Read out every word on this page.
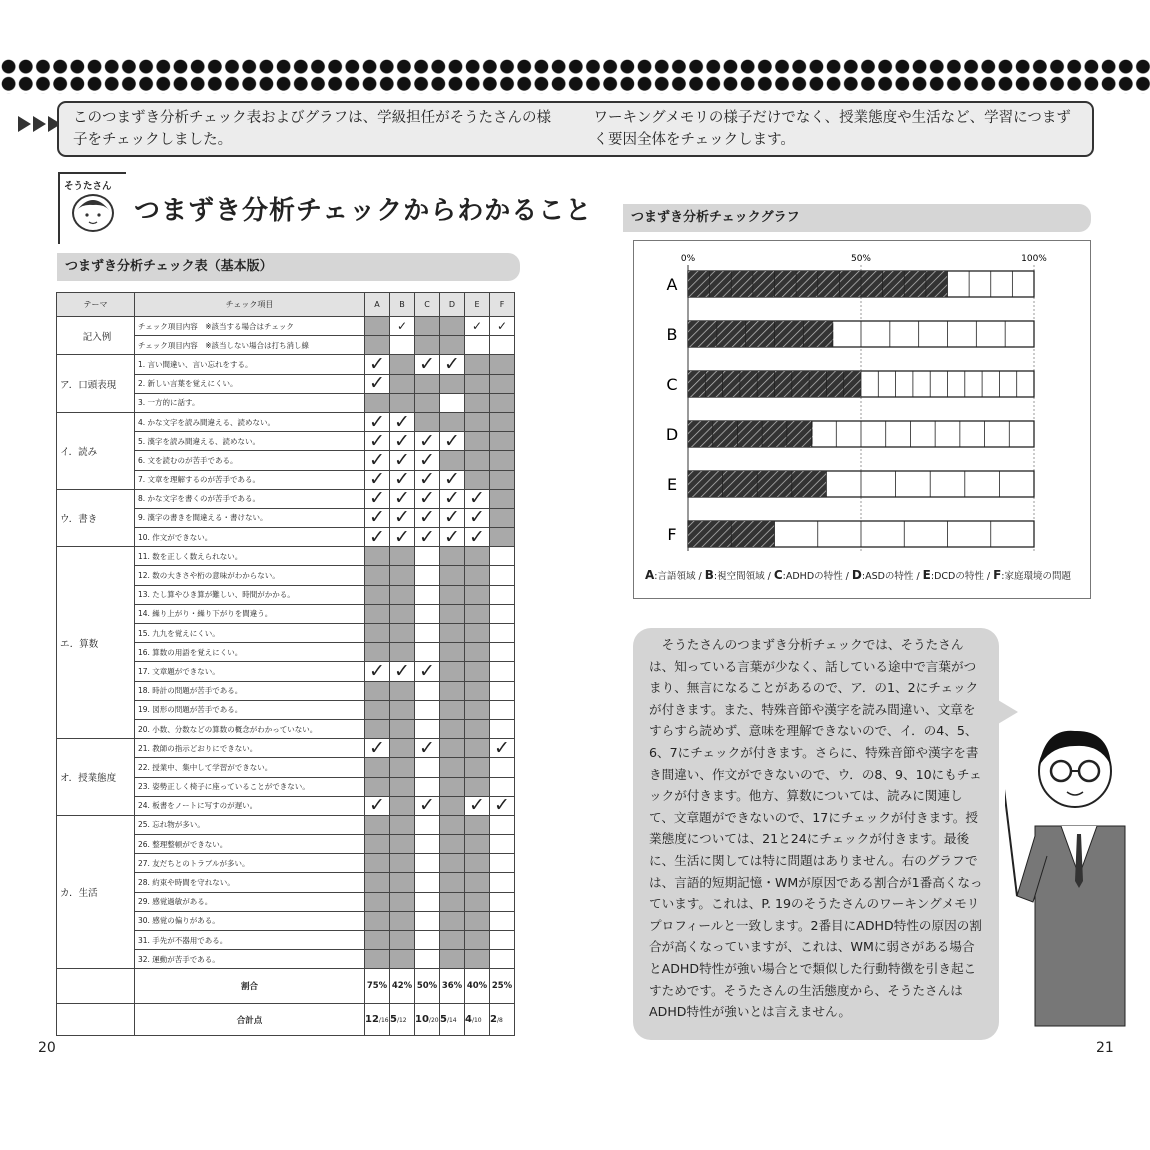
このつまずき分析チェック表およびグラフは、学級担任がそうたさんの様子をチェックしました。
ワーキングメモリの様子だけでなく、授業態度や生活など、学習につまずく要因全体をチェックします。
そうたさん
つまずき分析チェックからわかること
つまずき分析チェック表（基本版）
つまずき分析チェックグラフ
テーマ	チェック項目	A	B	C	D	E	F
記入例	チェック項目内容　※該当する場合はチェック		✓			✓	✓
	チェック項目内容　※該当しない場合は打ち消し線						
ア．口頭表現	1. 言い間違い、言い忘れをする。	✓		✓	✓		
	2. 新しい言葉を覚えにくい。	✓					
	3. 一方的に話す。						
イ．読み	4. かな文字を読み間違える、読めない。	✓	✓				
	5. 漢字を読み間違える、読めない。	✓	✓	✓	✓		
	6. 文を読むのが苦手である。	✓	✓	✓			
	7. 文章を理解するのが苦手である。	✓	✓	✓	✓		
ウ．書き	8. かな文字を書くのが苦手である。	✓	✓	✓	✓	✓	
	9. 漢字の書きを間違える・書けない。	✓	✓	✓	✓	✓	
	10. 作文ができない。	✓	✓	✓	✓	✓	
エ．算数	11. 数を正しく数えられない。						
	12. 数の大きさや桁の意味がわからない。						
	13. たし算やひき算が難しい、時間がかかる。						
	14. 繰り上がり・繰り下がりを間違う。						
	15. 九九を覚えにくい。						
	16. 算数の用語を覚えにくい。						
	17. 文章題ができない。	✓	✓	✓			
	18. 時計の問題が苦手である。						
	19. 図形の問題が苦手である。						
	20. 小数、分数などの算数の概念がわかっていない。						
オ．授業態度	21. 教師の指示どおりにできない。	✓		✓			✓
	22. 授業中、集中して学習ができない。						
	23. 姿勢正しく椅子に座っていることができない。						
	24. 板書をノートに写すのが遅い。	✓		✓		✓	✓
カ．生活	25. 忘れ物が多い。						
	26. 整理整頓ができない。						
	27. 友だちとのトラブルが多い。						
	28. 約束や時間を守れない。						
	29. 感覚過敏がある。						
	30. 感覚の偏りがある。						
	31. 手先が不器用である。						
	32. 運動が苦手である。						
	割合	75%	42%	50%	36%	40%	25%
	合計点	12/16	5/12	10/20	5/14	4/10	2/8
20	21
0%	50%	100%
A
B
C
D
E
F
A:言語領域 / B:視空間領域 / C:ADHDの特性 / D:ASDの特性 / E:DCDの特性 / F:家庭環境の問題
そうたさんのつまずき分析チェックでは、そうたさんは、知っている言葉が少なく、話している途中で言葉がつまり、無言になることがあるので、ア．の1、2にチェックが付きます。また、特殊音節や漢字を読み間違い、文章をすらすら読めず、意味を理解できないので、イ．の4、5、6、7にチェックが付きます。さらに、特殊音節や漢字を書き間違い、作文ができないので、ウ．の8、9、10にもチェックが付きます。他方、算数については、読みに関連して、文章題ができないので、17にチェックが付きます。授業態度については、21と24にチェックが付きます。最後に、生活に関しては特に問題はありません。右のグラフでは、言語的短期記憶・WMが原因である割合が1番高くなっています。これは、P. 19のそうたさんのワーキングメモリプロフィールと一致します。2番目にADHD特性の原因の割合が高くなっていますが、これは、WMに弱さがある場合とADHD特性が強い場合とで類似した行動特徴を引き起こすためです。そうたさんの生活態度から、そうたさんはADHD特性が強いとは言えません。
